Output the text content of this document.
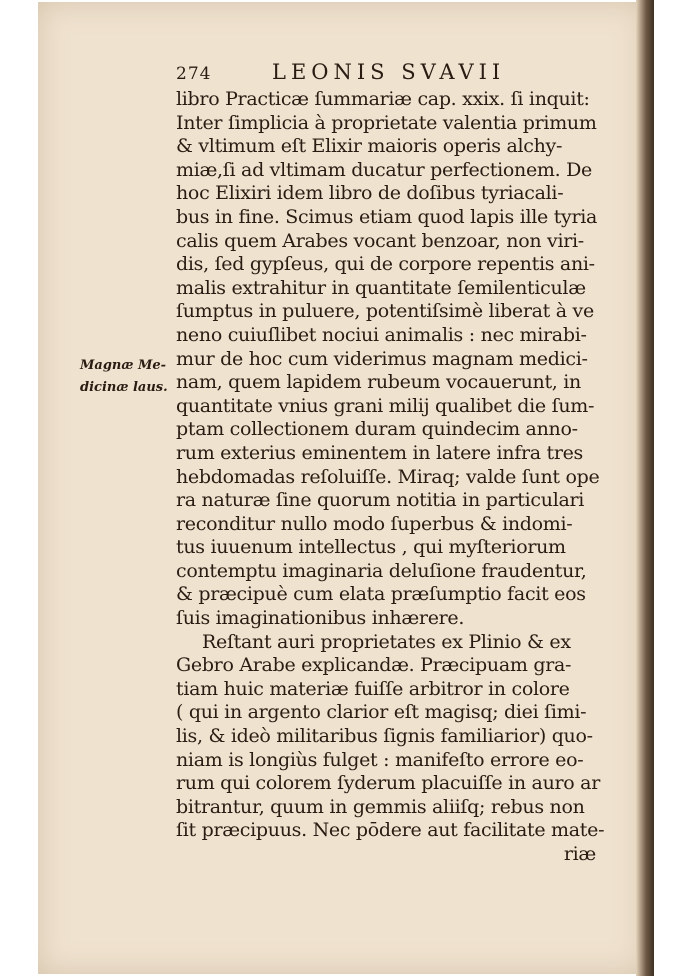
274	LEONIS SVAVII
Magnæ Me-
dicinæ laus.
libro Practicæ ſummariæ cap. xxix. ſi inquit:
Inter ſimplicia à proprietate valentia primum
& vltimum eſt Elixir maioris operis alchy-
miæ,ſi ad vltimam ducatur perfectionem. De
hoc Elixiri idem libro de doſibus tyriacali-
bus in fine. Scimus etiam quod lapis ille tyria
calis quem Arabes vocant benzoar, non viri-
dis, ſed gypſeus, qui de corpore repentis ani-
malis extrahitur in quantitate ſemilenticulæ
ſumptus in puluere, potentiſsimè liberat à ve
neno cuiuſlibet nociui animalis : nec mirabi-
mur de hoc cum viderimus magnam medici-
nam, quem lapidem rubeum vocauerunt, in
quantitate vnius grani milij qualibet die ſum-
ptam collectionem duram quindecim anno-
rum exterius eminentem in latere infra tres
hebdomadas reſoluiſſe. Miraq; valde ſunt ope
ra naturæ ſine quorum notitia in particulari
reconditur nullo modo ſuperbus & indomi-
tus iuuenum intellectus , qui myſteriorum
contemptu imaginaria deluſione fraudentur,
& præcipuè cum elata præſumptio facit eos
ſuis imaginationibus inhærere.
Reſtant auri proprietates ex Plinio & ex
Gebro Arabe explicandæ. Præcipuam gra-
tiam huic materiæ fuiſſe arbitror in colore
( qui in argento clarior eſt magisq; diei ſimi-
lis, & ideò militaribus ſignis familiarior) quo-
niam is longiùs fulget : manifeſto errore eo-
rum qui colorem ſyderum placuiſſe in auro ar
bitrantur, quum in gemmis aliiſq; rebus non
ſit præcipuus. Nec pōdere aut facilitate mate-
riæ
